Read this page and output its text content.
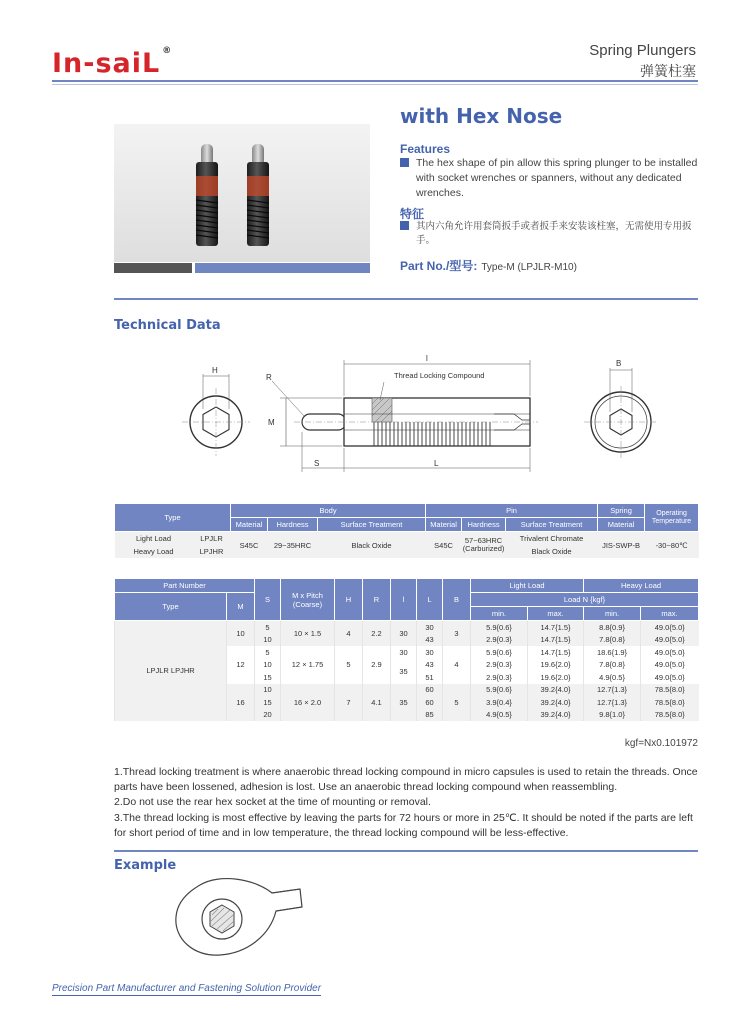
In-saiL ®	Spring Plungers
弹簧柱塞
with Hex Nose
Features
The hex shape of pin allow this spring plunger to be installed with socket wrenches or spanners, without any dedicated wrenches.
特征
其内六角允许用套筒扳手或者扳手来安装该柱塞，无需使用专用扳手。
Part No./型号: Type-M (LPJLR-M10)
Technical Data
H
l
Thread Locking Compound
R
M
S	L
B
Type		Body			Pin			Spring	Operating Temperature
		Material	Hardness	Surface Treatment	Material	Hardness	Surface Treatment	Material	
Light Load	LPJLR	S45C	29~35HRC	Black Oxide	S45C	57~63HRC (Carburized)	Trivalent Chromate	JIS-SWP-B	-30~80℃
Heavy Load	LPJHR						Black Oxide		
Part Number		S	M x Pitch (Coarse)	H	R	l	L	B	Light Load		Heavy Load	
Type	M								Load N {kgf}			
									min.	max.	min.	max.
LPJLR LPJHR	10	5	10 × 1.5	4	2.2	30	30	3	5.9{0.6}	14.7{1.5}	8.8{0.9}	49.0{5.0}
		10					43		2.9{0.3}	14.7{1.5}	7.8{0.8}	49.0{5.0}
	12	5	12 × 1.75	5	2.9	30	30	4	5.9{0.6}	14.7{1.5}	18.6{1.9}	49.0{5.0}
		10				35	43		2.9{0.3}	19.6{2.0}	7.8{0.8}	49.0{5.0}
		15					51		2.9{0.3}	19.6{2.0}	4.9{0.5}	49.0{5.0}
	16	10	16 × 2.0	7	4.1	35	60	5	5.9{0.6}	39.2{4.0}	12.7{1.3}	78.5{8.0}
		15					60		3.9{0.4}	39.2{4.0}	12.7{1.3}	78.5{8.0}
		20					85		4.9{0.5}	39.2{4.0}	9.8{1.0}	78.5{8.0}
kgf=Nx0.101972
1.Thread locking treatment is where anaerobic thread locking compound in micro capsules is used to retain the threads. Once parts have been lossened, adhesion is lost. Use an anaerobic thread locking compound when reassembling.
2.Do not use the rear hex socket at the time of mounting or removal.
3.The thread locking is most effective by leaving the parts for 72 hours or more in 25℃. It should be noted if the parts are left for short period of time and in low temperature, the thread locking compound will be less-effective.
Example
Precision Part Manufacturer and Fastening Solution Provider
